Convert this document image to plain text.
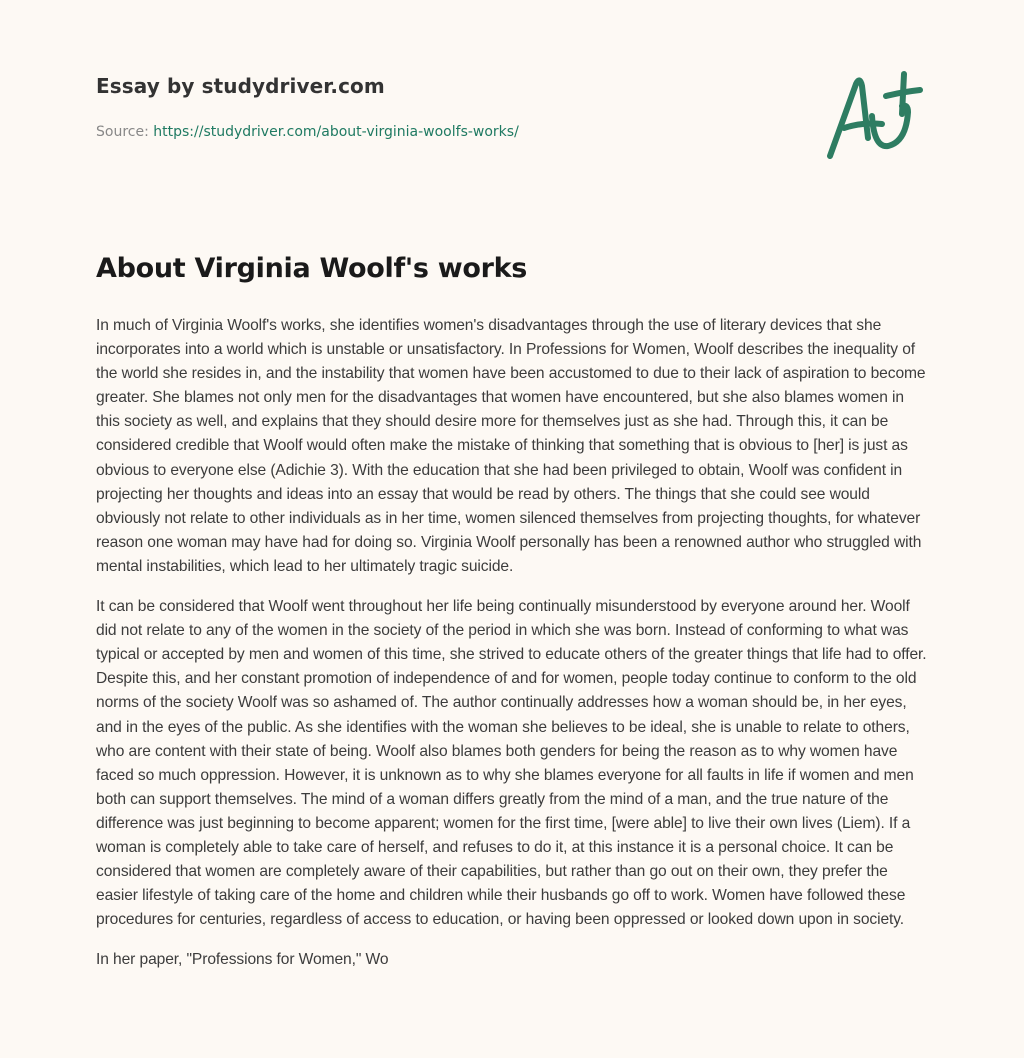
Essay by studydriver.com
Source: https://studydriver.com/about-virginia-woolfs-works/
About Virginia Woolf's works

In much of Virginia Woolf's works, she identifies women's disadvantages through the use of literary devices that she incorporates into a world which is unstable or unsatisfactory. In Professions for Women, Woolf describes the inequality of the world she resides in, and the instability that women have been accustomed to due to their lack of aspiration to become greater. She blames not only men for the disadvantages that women have encountered, but she also blames women in this society as well, and explains that they should desire more for themselves just as she had. Through this, it can be considered credible that Woolf would often make the mistake of thinking that something that is obvious to [her] is just as obvious to everyone else (Adichie 3). With the education that she had been privileged to obtain, Woolf was confident in projecting her thoughts and ideas into an essay that would be read by others. The things that she could see would obviously not relate to other individuals as in her time, women silenced themselves from projecting thoughts, for whatever reason one woman may have had for doing so. Virginia Woolf personally has been a renowned author who struggled with mental instabilities, which lead to her ultimately tragic suicide.

It can be considered that Woolf went throughout her life being continually misunderstood by everyone around her. Woolf did not relate to any of the women in the society of the period in which she was born. Instead of conforming to what was typical or accepted by men and women of this time, she strived to educate others of the greater things that life had to offer. Despite this, and her constant promotion of independence of and for women, people today continue to conform to the old norms of the society Woolf was so ashamed of. The author continually addresses how a woman should be, in her eyes, and in the eyes of the public. As she identifies with the woman she believes to be ideal, she is unable to relate to others, who are content with their state of being. Woolf also blames both genders for being the reason as to why women have faced so much oppression. However, it is unknown as to why she blames everyone for all faults in life if women and men both can support themselves. The mind of a woman differs greatly from the mind of a man, and the true nature of the difference was just beginning to become apparent; women for the first time, [were able] to live their own lives (Liem). If a woman is completely able to take care of herself, and refuses to do it, at this instance it is a personal choice. It can be considered that women are completely aware of their capabilities, but rather than go out on their own, they prefer the easier lifestyle of taking care of the home and children while their husbands go off to work. Women have followed these procedures for centuries, regardless of access to education, or having been oppressed or looked down upon in society.

In her paper, "Professions for Women," Wo
